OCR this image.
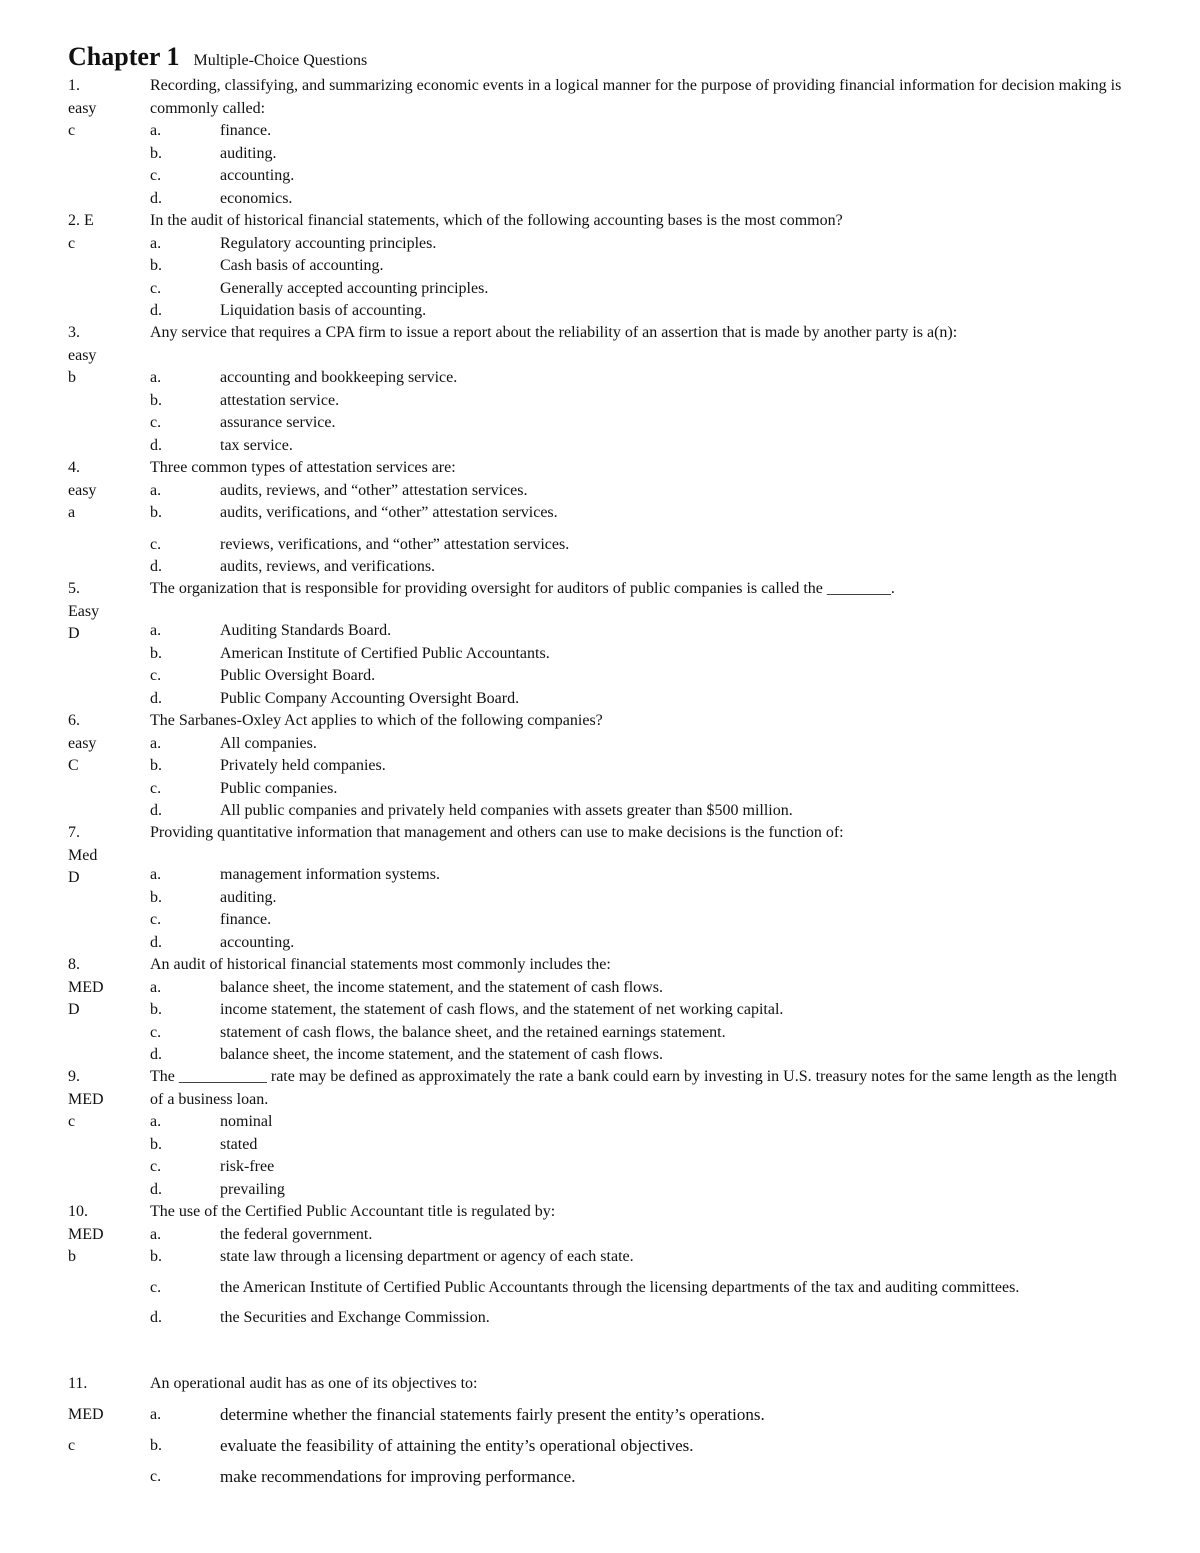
Chapter 1 Multiple-Choice Questions
1.
easy
c
Recording, classifying, and summarizing economic events in a logical manner for the purpose of providing financial information for decision making is commonly called:
a.	finance.
b.	auditing.
c.	accounting.
d.	economics.
2. E
c
In the audit of historical financial statements, which of the following accounting bases is the most common?
a.	Regulatory accounting principles.
b.	Cash basis of accounting.
c.	Generally accepted accounting principles.
d.	Liquidation basis of accounting.
3.
easy
b
Any service that requires a CPA firm to issue a report about the reliability of an assertion that is made by another party is a(n):
a.	accounting and bookkeeping service.
b.	attestation service.
c.	assurance service.
d.	tax service.
4.
easy
a
Three common types of attestation services are:
a.	audits, reviews, and “other” attestation services.
b.	audits, verifications, and “other” attestation services.
c.	reviews, verifications, and “other” attestation services.
d.	audits, reviews, and verifications.
5.
Easy
D
The organization that is responsible for providing oversight for auditors of public companies is called the ________.
a.	Auditing Standards Board.
b.	American Institute of Certified Public Accountants.
c.	Public Oversight Board.
d.	Public Company Accounting Oversight Board.
6.
easy
C
The Sarbanes-Oxley Act applies to which of the following companies?
a.	All companies.
b.	Privately held companies.
c.	Public companies.
d.	All public companies and privately held companies with assets greater than $500 million.
7.
Med
D
Providing quantitative information that management and others can use to make decisions is the function of:
a.	management information systems.
b.	auditing.
c.	finance.
d.	accounting.
8.
MED
D
An audit of historical financial statements most commonly includes the:
a.	balance sheet, the income statement, and the statement of cash flows.
b.	income statement, the statement of cash flows, and the statement of net working capital.
c.	statement of cash flows, the balance sheet, and the retained earnings statement.
d.	balance sheet, the income statement, and the statement of cash flows.
9.
MED
c
The ___________ rate may be defined as approximately the rate a bank could earn by investing in U.S. treasury notes for the same length as the length of a business loan.
a.	nominal
b.	stated
c.	risk-free
d.	prevailing
10.
MED
b
The use of the Certified Public Accountant title is regulated by:
a.	the federal government.
b.	state law through a licensing department or agency of each state.
c.	the American Institute of Certified Public Accountants through the licensing departments of the tax and auditing committees.
d.	the Securities and Exchange Commission.
11.
MED
c
An operational audit has as one of its objectives to:
a.	determine whether the financial statements fairly present the entity’s operations.
b.	evaluate the feasibility of attaining the entity’s operational objectives.
c.	make recommendations for improving performance.
